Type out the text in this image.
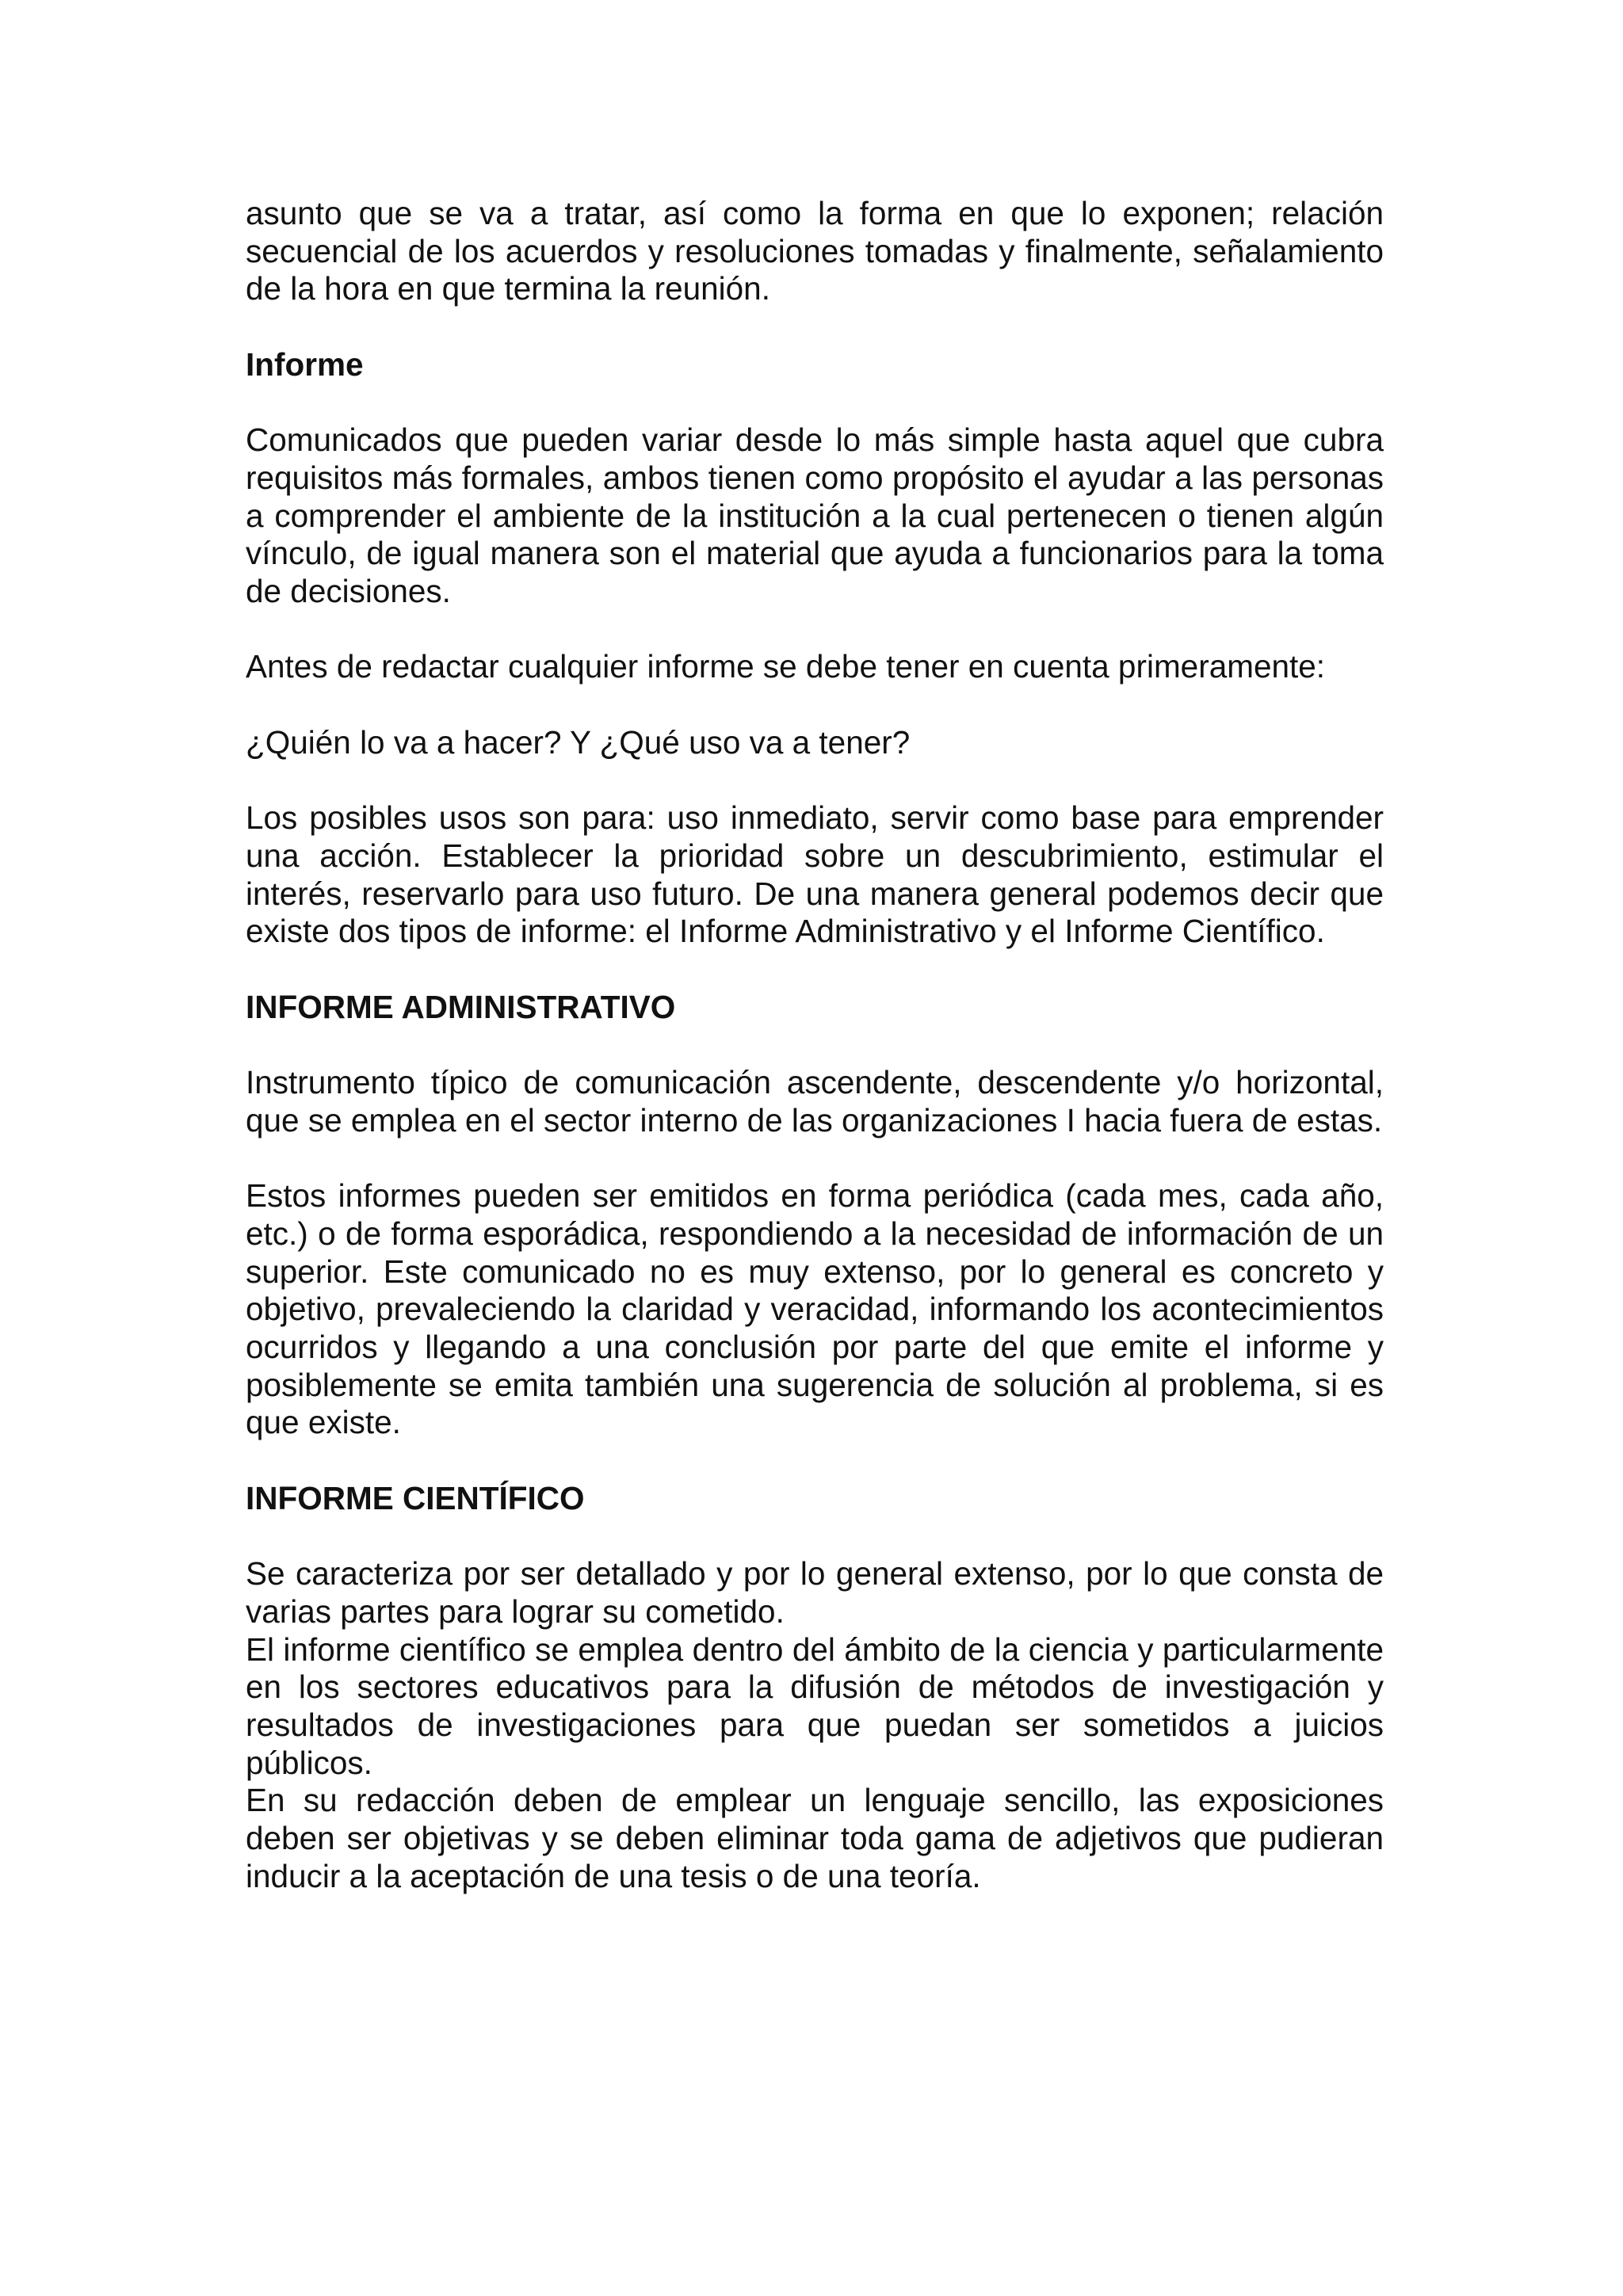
asunto que se va a tratar, así como la forma en que lo exponen; relación secuencial de los acuerdos y resoluciones tomadas y finalmente, señalamiento de la hora en que termina la reunión.

Informe

Comunicados que pueden variar desde lo más simple hasta aquel que cubra requisitos más formales, ambos tienen como propósito el ayudar a las personas a comprender el ambiente de la institución a la cual pertenecen o tienen algún vínculo, de igual manera son el material que ayuda a funcionarios para la toma de decisiones.

Antes de redactar cualquier informe se debe tener en cuenta primeramente:

¿Quién lo va a hacer? Y ¿Qué uso va a tener?

Los posibles usos son para: uso inmediato, servir como base para emprender una acción. Establecer la prioridad sobre un descubrimiento, estimular el interés, reservarlo para uso futuro. De una manera general podemos decir que existe dos tipos de informe: el Informe Administrativo y el Informe Científico.

INFORME ADMINISTRATIVO

Instrumento típico de comunicación ascendente, descendente y/o horizontal, que se emplea en el sector interno de las organizaciones I hacia fuera de estas.

Estos informes pueden ser emitidos en forma periódica (cada mes, cada año, etc.) o de forma esporádica, respondiendo a la necesidad de información de un superior. Este comunicado no es muy extenso, por lo general es concreto y objetivo, prevaleciendo la claridad y veracidad, informando los acontecimientos ocurridos y llegando a una conclusión por parte del que emite el informe y posiblemente se emita también una sugerencia de solución al problema, si es que existe.

INFORME CIENTÍFICO

Se caracteriza por ser detallado y por lo general extenso, por lo que consta de varias partes para lograr su cometido.

El informe científico se emplea dentro del ámbito de la ciencia y particularmente en los sectores educativos para la difusión de métodos de investigación y resultados de investigaciones para que puedan ser sometidos a juicios públicos.

En su redacción deben de emplear un lenguaje sencillo, las exposiciones deben ser objetivas y se deben eliminar toda gama de adjetivos que pudieran inducir a la aceptación de una tesis o de una teoría.
